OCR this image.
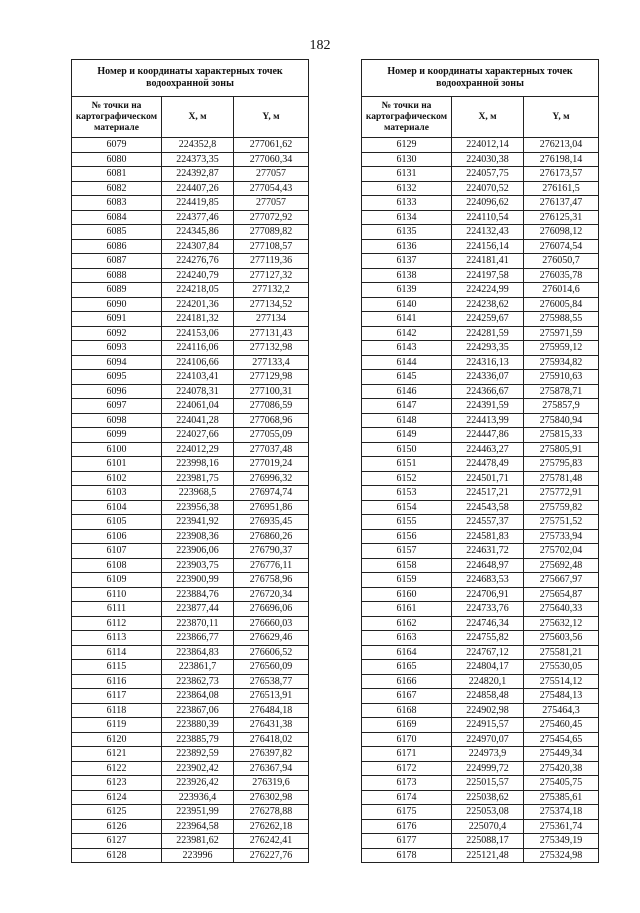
182
Номер и координаты характерных точек водоохранной зоны		
№ точки на картографическом материале	X, м	Y, м
6079	224352,8	277061,62
6080	224373,35	277060,34
6081	224392,87	277057
6082	224407,26	277054,43
6083	224419,85	277057
6084	224377,46	277072,92
6085	224345,86	277089,82
6086	224307,84	277108,57
6087	224276,76	277119,36
6088	224240,79	277127,32
6089	224218,05	277132,2
6090	224201,36	277134,52
6091	224181,32	277134
6092	224153,06	277131,43
6093	224116,06	277132,98
6094	224106,66	277133,4
6095	224103,41	277129,98
6096	224078,31	277100,31
6097	224061,04	277086,59
6098	224041,28	277068,96
6099	224027,66	277055,09
6100	224012,29	277037,48
6101	223998,16	277019,24
6102	223981,75	276996,32
6103	223968,5	276974,74
6104	223956,38	276951,86
6105	223941,92	276935,45
6106	223908,36	276860,26
6107	223906,06	276790,37
6108	223903,75	276776,11
6109	223900,99	276758,96
6110	223884,76	276720,34
6111	223877,44	276696,06
6112	223870,11	276660,03
6113	223866,77	276629,46
6114	223864,83	276606,52
6115	223861,7	276560,09
6116	223862,73	276538,77
6117	223864,08	276513,91
6118	223867,06	276484,18
6119	223880,39	276431,38
6120	223885,79	276418,02
6121	223892,59	276397,82
6122	223902,42	276367,94
6123	223926,42	276319,6
6124	223936,4	276302,98
6125	223951,99	276278,88
6126	223964,58	276262,18
6127	223981,62	276242,41
6128	223996	276227,76
Номер и координаты характерных точек водоохранной зоны		
№ точки на картографическом материале	X, м	Y, м
6129	224012,14	276213,04
6130	224030,38	276198,14
6131	224057,75	276173,57
6132	224070,52	276161,5
6133	224096,62	276137,47
6134	224110,54	276125,31
6135	224132,43	276098,12
6136	224156,14	276074,54
6137	224181,41	276050,7
6138	224197,58	276035,78
6139	224224,99	276014,6
6140	224238,62	276005,84
6141	224259,67	275988,55
6142	224281,59	275971,59
6143	224293,35	275959,12
6144	224316,13	275934,82
6145	224336,07	275910,63
6146	224366,67	275878,71
6147	224391,59	275857,9
6148	224413,99	275840,94
6149	224447,86	275815,33
6150	224463,27	275805,91
6151	224478,49	275795,83
6152	224501,71	275781,48
6153	224517,21	275772,91
6154	224543,58	275759,82
6155	224557,37	275751,52
6156	224581,83	275733,94
6157	224631,72	275702,04
6158	224648,97	275692,48
6159	224683,53	275667,97
6160	224706,91	275654,87
6161	224733,76	275640,33
6162	224746,34	275632,12
6163	224755,82	275603,56
6164	224767,12	275581,21
6165	224804,17	275530,05
6166	224820,1	275514,12
6167	224858,48	275484,13
6168	224902,98	275464,3
6169	224915,57	275460,45
6170	224970,07	275454,65
6171	224973,9	275449,34
6172	224999,72	275420,38
6173	225015,57	275405,75
6174	225038,62	275385,61
6175	225053,08	275374,18
6176	225070,4	275361,74
6177	225088,17	275349,19
6178	225121,48	275324,98
